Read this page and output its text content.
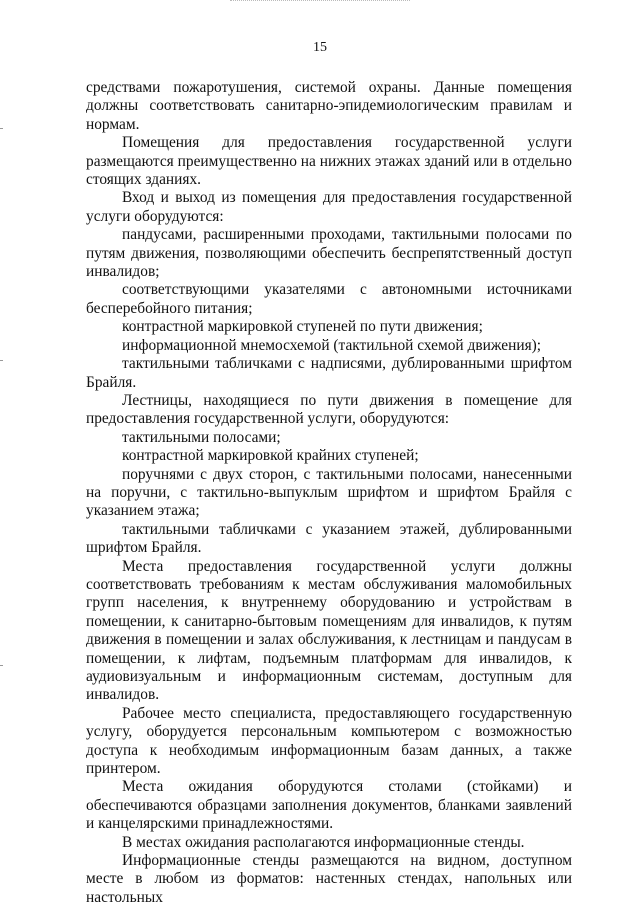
15

средствами пожаротушения, системой охраны. Данные помещения должны соответствовать санитарно-эпидемиологическим правилам и нормам.

Помещения для предоставления государственной услуги размещаются преимущественно на нижних этажах зданий или в отдельно стоящих зданиях.

Вход и выход из помещения для предоставления государственной услуги оборудуются:

пандусами, расширенными проходами, тактильными полосами по путям движения, позволяющими обеспечить беспрепятственный доступ инвалидов;

соответствующими указателями с автономными источниками бесперебойного питания;

контрастной маркировкой ступеней по пути движения;

информационной мнемосхемой (тактильной схемой движения);

тактильными табличками с надписями, дублированными шрифтом Брайля.

Лестницы, находящиеся по пути движения в помещение для предоставления государственной услуги, оборудуются:

тактильными полосами;

контрастной маркировкой крайних ступеней;

поручнями с двух сторон, с тактильными полосами, нанесенными на поручни, с тактильно-выпуклым шрифтом и шрифтом Брайля с указанием этажа;

тактильными табличками с указанием этажей, дублированными шрифтом Брайля.

Места предоставления государственной услуги должны соответствовать требованиям к местам обслуживания маломобильных групп населения, к внутреннему оборудованию и устройствам в помещении, к санитарно-бытовым помещениям для инвалидов, к путям движения в помещении и залах обслуживания, к лестницам и пандусам в помещении, к лифтам, подъемным платформам для инвалидов, к аудиовизуальным и информационным системам, доступным для инвалидов.

Рабочее место специалиста, предоставляющего государственную услугу, оборудуется персональным компьютером с возможностью доступа к необходимым информационным базам данных, а также принтером.

Места ожидания оборудуются столами (стойками) и обеспечиваются образцами заполнения документов, бланками заявлений и канцелярскими принадлежностями.

В местах ожидания располагаются информационные стенды.

Информационные стенды размещаются на видном, доступном месте в любом из форматов: настенных стендах, напольных или настольных
